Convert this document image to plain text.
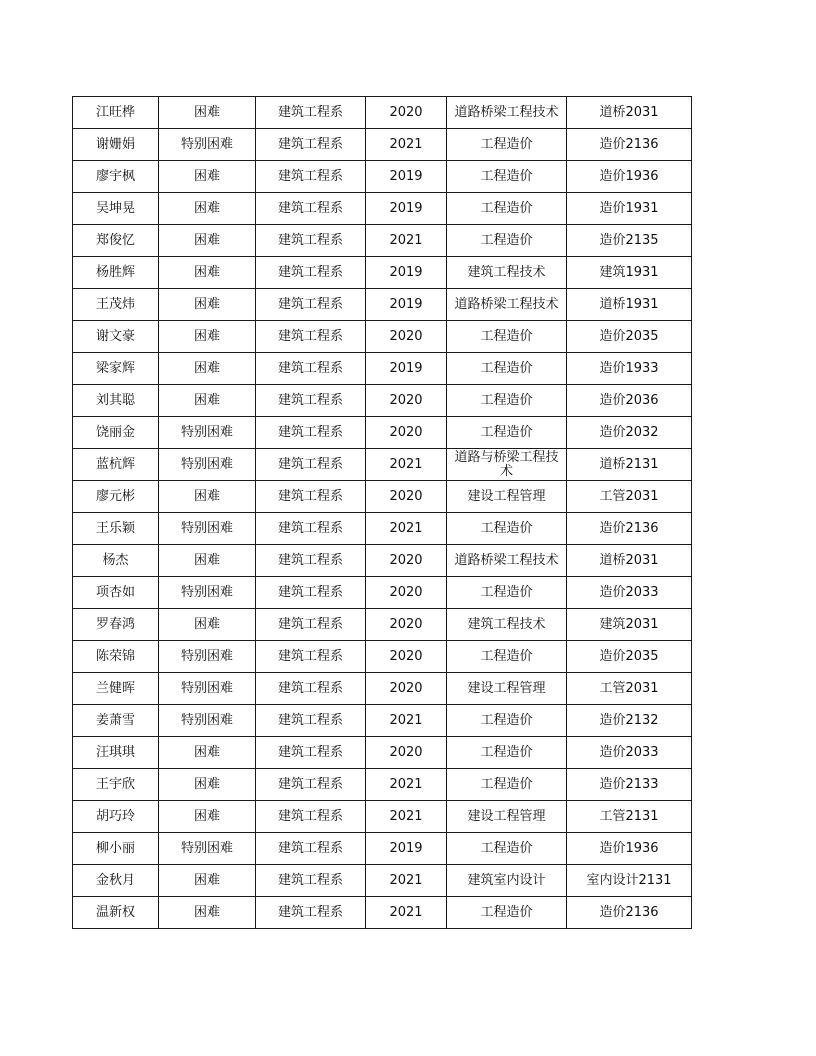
江旺桦	困难	建筑工程系	2020	道路桥梁工程技术	道桥2031
谢姗娟	特别困难	建筑工程系	2021	工程造价	造价2136
廖宇枫	困难	建筑工程系	2019	工程造价	造价1936
吴坤晃	困难	建筑工程系	2019	工程造价	造价1931
郑俊忆	困难	建筑工程系	2021	工程造价	造价2135
杨胜辉	困难	建筑工程系	2019	建筑工程技术	建筑1931
王茂炜	困难	建筑工程系	2019	道路桥梁工程技术	道桥1931
谢文豪	困难	建筑工程系	2020	工程造价	造价2035
梁家辉	困难	建筑工程系	2019	工程造价	造价1933
刘其聪	困难	建筑工程系	2020	工程造价	造价2036
饶丽金	特别困难	建筑工程系	2020	工程造价	造价2032
蓝杭辉	特别困难	建筑工程系	2021	道路与桥梁工程技术	道桥2131
廖元彬	困难	建筑工程系	2020	建设工程管理	工管2031
王乐颖	特别困难	建筑工程系	2021	工程造价	造价2136
杨杰	困难	建筑工程系	2020	道路桥梁工程技术	道桥2031
项杏如	特别困难	建筑工程系	2020	工程造价	造价2033
罗春鸿	困难	建筑工程系	2020	建筑工程技术	建筑2031
陈荣锦	特别困难	建筑工程系	2020	工程造价	造价2035
兰健晖	特别困难	建筑工程系	2020	建设工程管理	工管2031
姜萧雪	特别困难	建筑工程系	2021	工程造价	造价2132
汪琪琪	困难	建筑工程系	2020	工程造价	造价2033
王宇欣	困难	建筑工程系	2021	工程造价	造价2133
胡巧玲	困难	建筑工程系	2021	建设工程管理	工管2131
柳小丽	特别困难	建筑工程系	2019	工程造价	造价1936
金秋月	困难	建筑工程系	2021	建筑室内设计	室内设计2131
温新权	困难	建筑工程系	2021	工程造价	造价2136
